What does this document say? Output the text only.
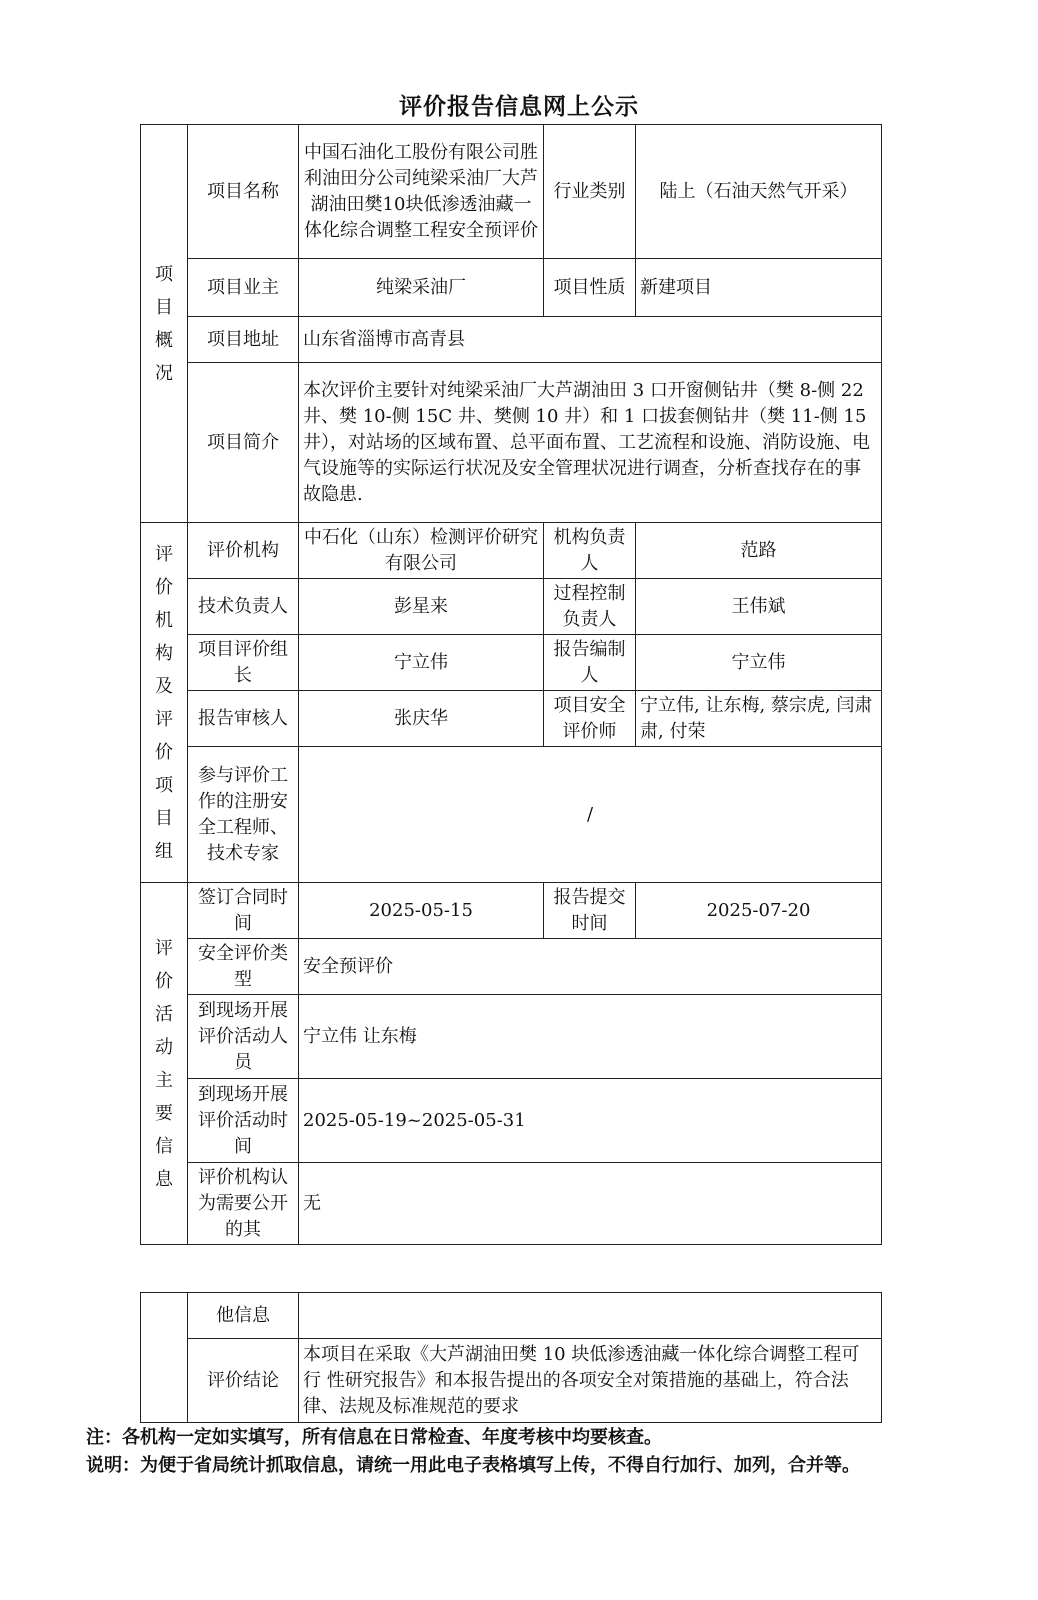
评价报告信息网上公示
项目概况	项目名称	中国石油化工股份有限公司胜利油田分公司纯梁采油厂大芦湖油田樊10块低渗透油藏一体化综合调整工程安全预评价	行业类别	陆上（石油天然气开采）
	项目业主	纯梁采油厂	项目性质	新建项目
	项目地址	山东省淄博市高青县		
	项目简介	本次评价主要针对纯梁采油厂大芦湖油田 3 口开窗侧钻井（樊 8-侧 22 井、樊 10-侧 15C 井、樊侧 10 井）和 1 口拔套侧钻井（樊 11-侧 15 井），对站场的区域布置、总平面布置、工艺流程和设施、消防设施、电气设施等的实际运行状况及安全管理状况进行调查，分析查找存在的事故隐患.		

评价机构及评价项目组	评价机构	中石化（山东）检测评价研究有限公司	机构负责人	范路
	技术负责人	彭星来	过程控制负责人	王伟斌
	项目评价组长	宁立伟	报告编制人	宁立伟
	报告审核人	张庆华	项目安全评价师	宁立伟, 让东梅, 蔡宗虎, 闫肃肃, 付荣
	参与评价工作的注册安全工程师、技术专家	/		

评价活动主要信息	签订合同时间	2025-05-15	报告提交时间	2025-07-20
	安全评价类型	安全预评价		
	到现场开展评价活动人员	宁立伟 让东梅		
	到现场开展评价活动时间	2025-05-19~2025-05-31		
	评价机构认为需要公开的其	无		
	他信息	
	评价结论	本项目在采取《大芦湖油田樊 10 块低渗透油藏一体化综合调整工程可行 性研究报告》和本报告提出的各项安全对策措施的基础上，符合法律、法规及标准规范的要求
注：各机构一定如实填写，所有信息在日常检查、年度考核中均要核查。
说明：为便于省局统计抓取信息，请统一用此电子表格填写上传，不得自行加行、加列，合并等。
